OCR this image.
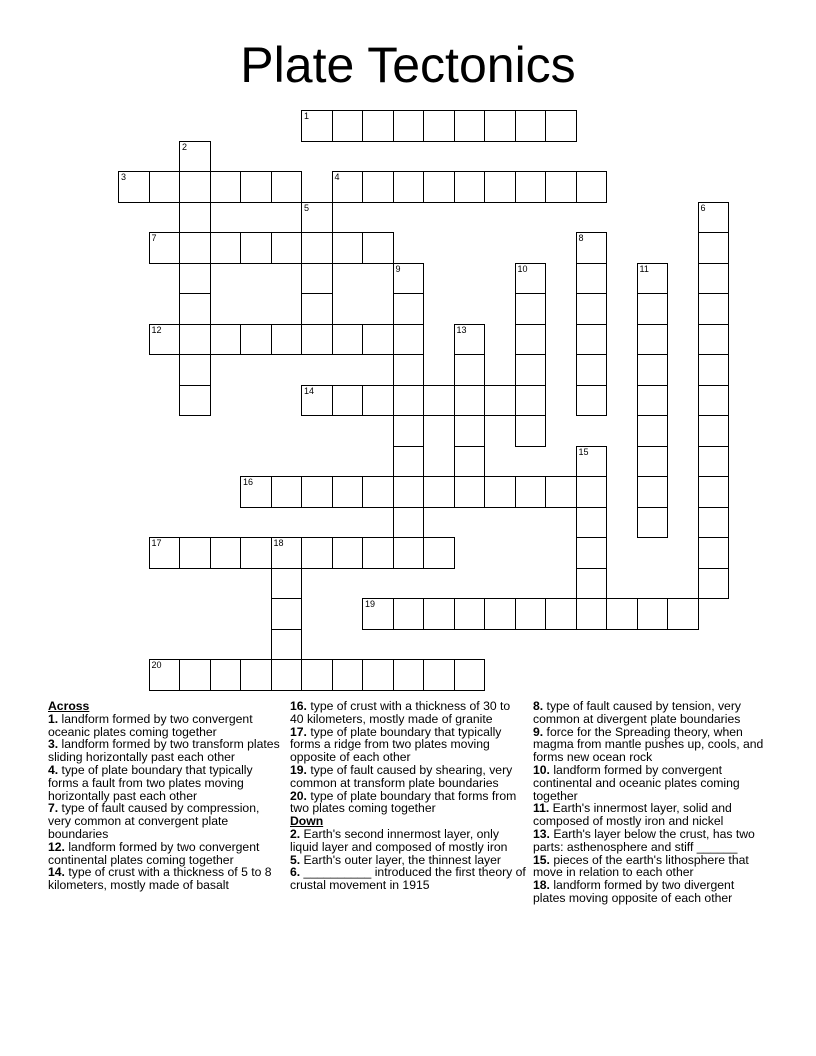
Plate Tectonics
1
2
3	4
5	6
7	8
9	10	11
12	13
14
15
16
17	18
19
20

Across

1. landform formed by two convergent oceanic plates coming together

3. landform formed by two transform plates sliding horizontally past each other

4. type of plate boundary that typically forms a fault from two plates moving horizontally past each other

7. type of fault caused by compression, very common at convergent plate boundaries

12. landform formed by two convergent continental plates coming together

14. type of crust with a thickness of 5 to 8 kilometers, mostly made of basalt

16. type of crust with a thickness of 30 to 40 kilometers, mostly made of granite

17. type of plate boundary that typically forms a ridge from two plates moving opposite of each other

19. type of fault caused by shearing, very common at transform plate boundaries

20. type of plate boundary that forms from two plates coming together

Down

2. Earth's second innermost layer, only liquid layer and composed of mostly iron

5. Earth's outer layer, the thinnest layer

6. __________ introduced the first theory of crustal movement in 1915

8. type of fault caused by tension, very common at divergent plate boundaries

9. force for the Spreading theory, when magma from mantle pushes up, cools, and forms new ocean rock

10. landform formed by convergent continental and oceanic plates coming together

11. Earth's innermost layer, solid and composed of mostly iron and nickel

13. Earth's layer below the crust, has two parts: asthenosphere and stiff ______

15. pieces of the earth's lithosphere that move in relation to each other

18. landform formed by two divergent plates moving opposite of each other
